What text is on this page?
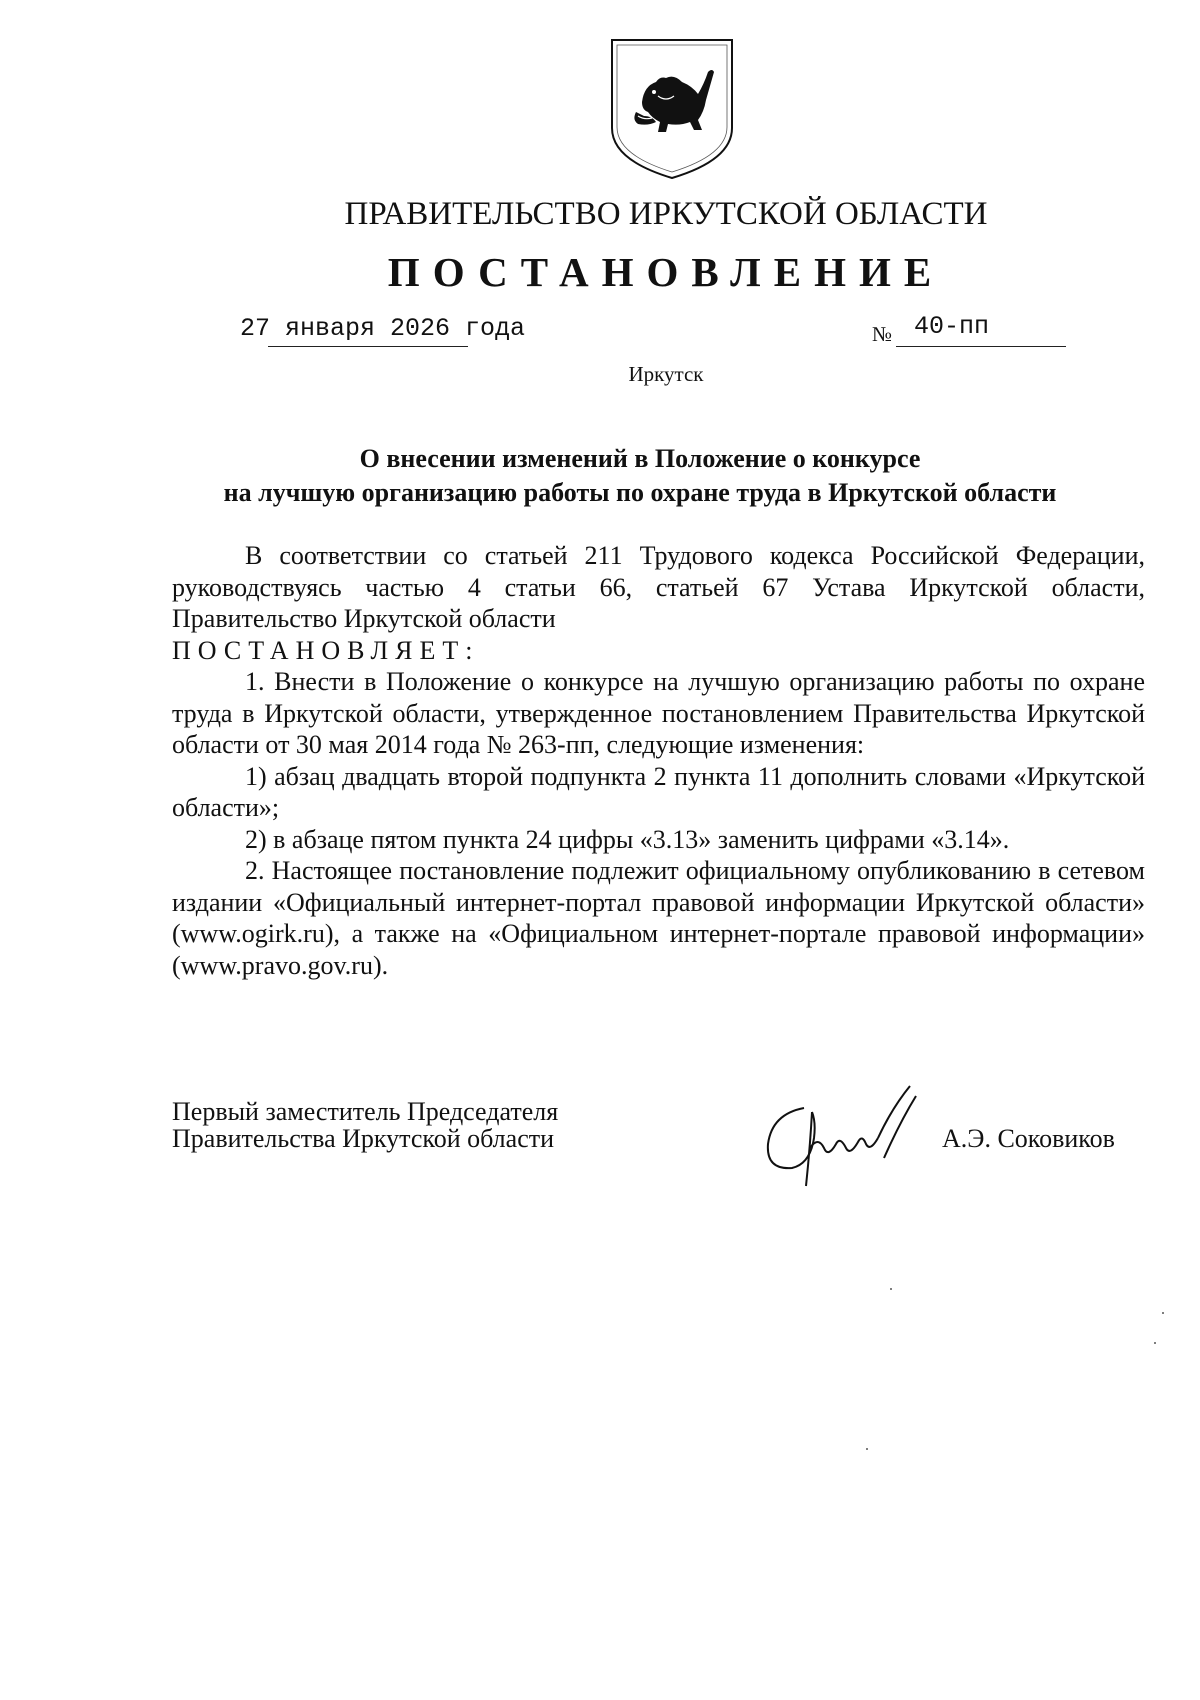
ПРАВИТЕЛЬСТВО ИРКУТСКОЙ ОБЛАСТИ
ПОСТАНОВЛЕНИЕ
27 января 2026 года	№ 40-пп
Иркутск
О внесении изменений в Положение о конкурсе
на лучшую организацию работы по охране труда в Иркутской области

В соответствии со статьей 211 Трудового кодекса Российской Федерации, руководствуясь частью 4 статьи 66, статьей 67 Устава Иркутской области, Правительство Иркутской области

ПОСТАНОВЛЯЕТ:

1. Внести в Положение о конкурсе на лучшую организацию работы по охране труда в Иркутской области, утвержденное постановлением Правительства Иркутской области от 30 мая 2014 года № 263-пп, следующие изменения:

1) абзац двадцать второй подпункта 2 пункта 11 дополнить словами «Иркутской области»;

2) в абзаце пятом пункта 24 цифры «3.13» заменить цифрами «3.14».

2. Настоящее постановление подлежит официальному опубликованию в сетевом издании «Официальный интернет-портал правовой информации Иркутской области» (www.ogirk.ru), а также на «Официальном интернет-портале правовой информации» (www.pravo.gov.ru).

Первый заместитель Председателя
Правительства Иркутской области	А.Э. Соковиков
